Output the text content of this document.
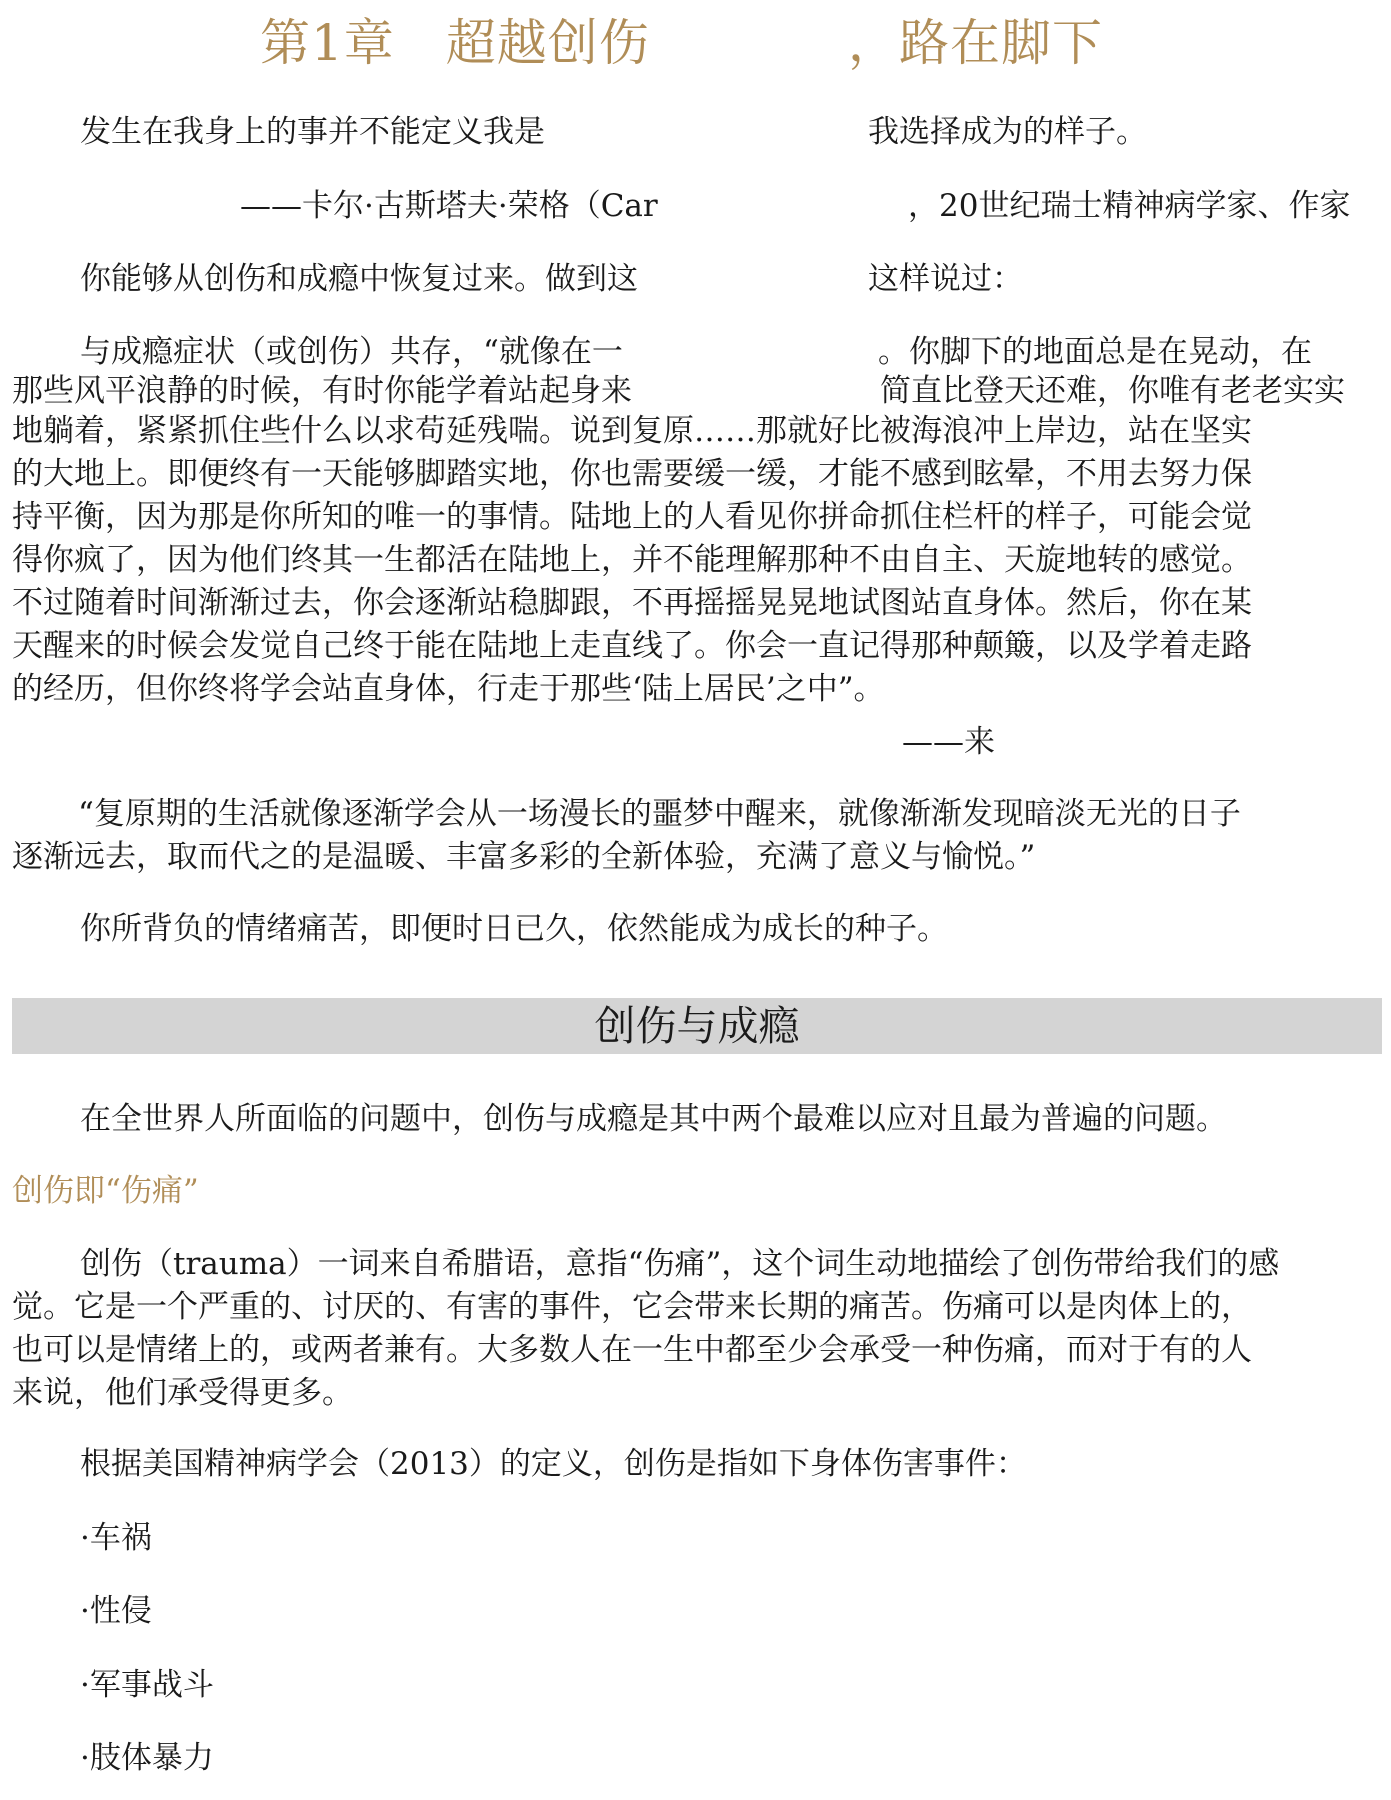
第1章　超越创伤	，路在脚下
发生在我身上的事并不能定义我是	我选择成为的样子。
——卡尔·古斯塔夫·荣格（Car	，20世纪瑞士精神病学家、作家
你能够从创伤和成瘾中恢复过来。做到这	这样说过：
与成瘾症状（或创伤）共存，“就像在一	。你脚下的地面总是在晃动，在
那些风平浪静的时候，有时你能学着站起身来	简直比登天还难，你唯有老老实实
地躺着，紧紧抓住些什么以求苟延残喘。说到复原……那就好比被海浪冲上岸边，站在坚实
的大地上。即便终有一天能够脚踏实地，你也需要缓一缓，才能不感到眩晕，不用去努力保
持平衡，因为那是你所知的唯一的事情。陆地上的人看见你拼命抓住栏杆的样子，可能会觉
得你疯了，因为他们终其一生都活在陆地上，并不能理解那种不由自主、天旋地转的感觉。
不过随着时间渐渐过去，你会逐渐站稳脚跟，不再摇摇晃晃地试图站直身体。然后，你在某
天醒来的时候会发觉自己终于能在陆地上走直线了。你会一直记得那种颠簸，以及学着走路
的经历，但你终将学会站直身体，行走于那些‘陆上居民’之中”。
——来
“复原期的生活就像逐渐学会从一场漫长的噩梦中醒来，就像渐渐发现暗淡无光的日子
逐渐远去，取而代之的是温暖、丰富多彩的全新体验，充满了意义与愉悦。”
你所背负的情绪痛苦，即便时日已久，依然能成为成长的种子。
创伤与成瘾
在全世界人所面临的问题中，创伤与成瘾是其中两个最难以应对且最为普遍的问题。
创伤即“伤痛”
创伤（trauma）一词来自希腊语，意指“伤痛”，这个词生动地描绘了创伤带给我们的感
觉。它是一个严重的、讨厌的、有害的事件，它会带来长期的痛苦。伤痛可以是肉体上的，
也可以是情绪上的，或两者兼有。大多数人在一生中都至少会承受一种伤痛，而对于有的人
来说，他们承受得更多。
根据美国精神病学会（2013）的定义，创伤是指如下身体伤害事件：
·车祸
·性侵
·军事战斗
·肢体暴力
